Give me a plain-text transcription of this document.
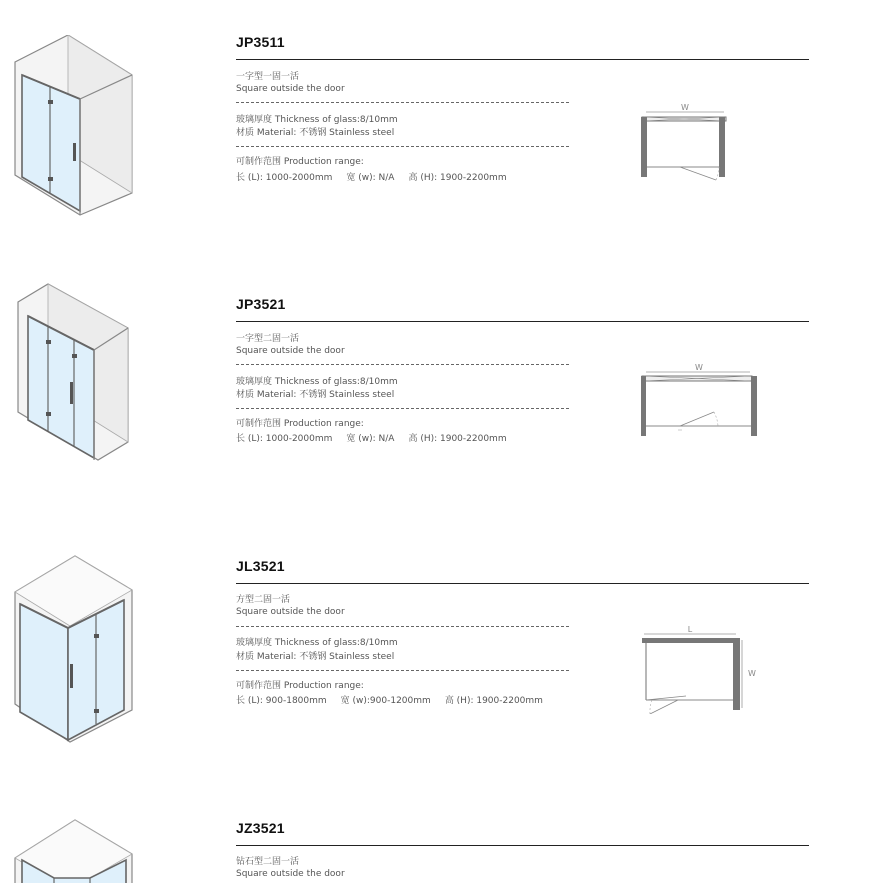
JP3511
一字型一固一活
Square outside the door
玻璃厚度 Thickness of glass:8/10mm
材质 Material: 不锈钢 Stainless steel
可制作范围 Production range:
长 (L): 1000-2000mm 宽 (w): N/A 高 (H): 1900-2200mm
W
JP3521
一字型二固一活
Square outside the door
玻璃厚度 Thickness of glass:8/10mm
材质 Material: 不锈钢 Stainless steel
可制作范围 Production range:
长 (L): 1000-2000mm 宽 (w): N/A 高 (H): 1900-2200mm
W
JL3521
方型二固一活
Square outside the door
玻璃厚度 Thickness of glass:8/10mm
材质 Material: 不锈钢 Stainless steel
可制作范围 Production range:
长 (L): 900-1800mm 宽 (w):900-1200mm 高 (H): 1900-2200mm
L
W
JZ3521
钻石型二固一活
Square outside the door
